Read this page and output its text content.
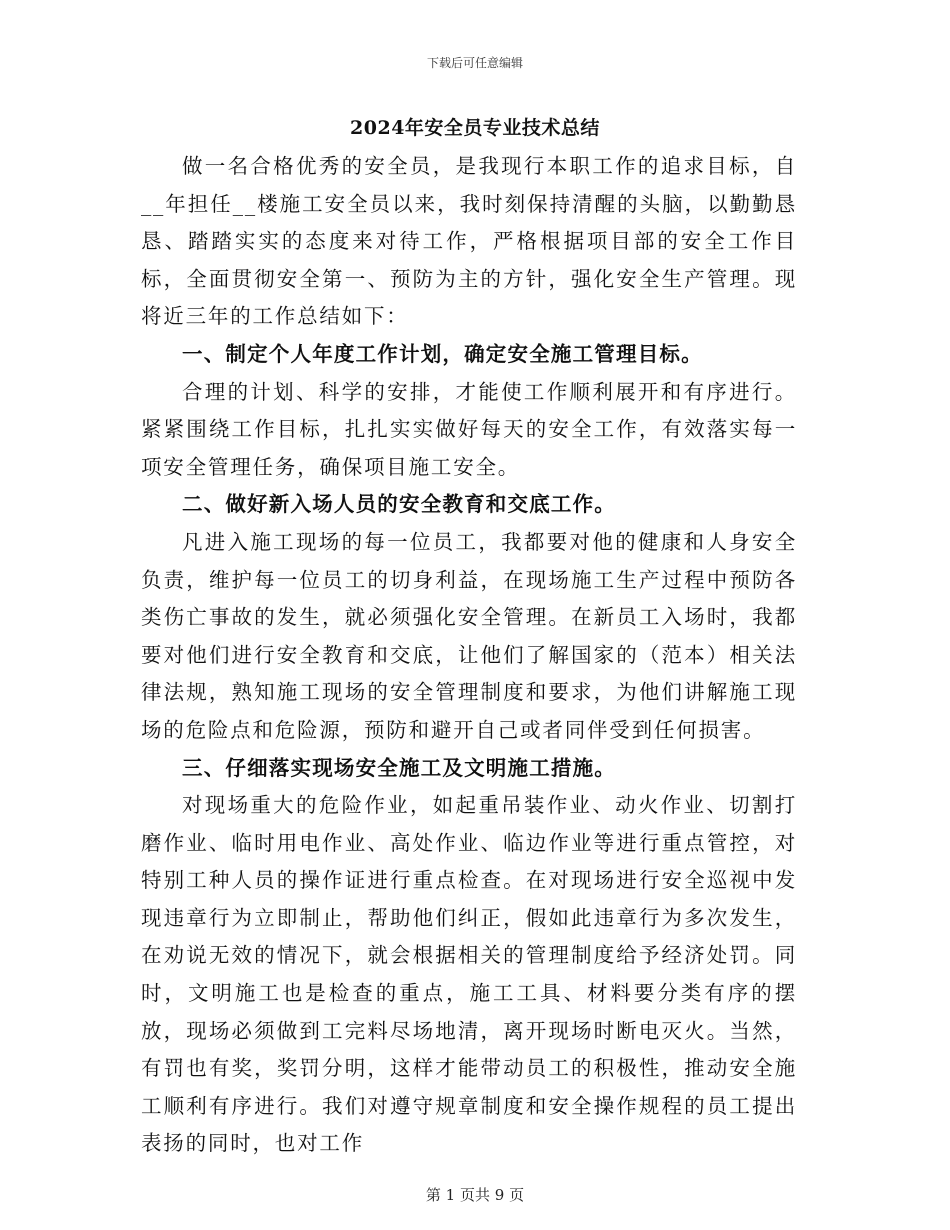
下载后可任意编辑
2024年安全员专业技术总结

做一名合格优秀的安全员，是我现行本职工作的追求目标，自__年担任__楼施工安全员以来，我时刻保持清醒的头脑，以勤勤恳恳、踏踏实实的态度来对待工作，严格根据项目部的安全工作目标，全面贯彻安全第一、预防为主的方针，强化安全生产管理。现将近三年的工作总结如下：

一、制定个人年度工作计划，确定安全施工管理目标。

合理的计划、科学的安排，才能使工作顺利展开和有序进行。紧紧围绕工作目标，扎扎实实做好每天的安全工作，有效落实每一项安全管理任务，确保项目施工安全。

二、做好新入场人员的安全教育和交底工作。

凡进入施工现场的每一位员工，我都要对他的健康和人身安全负责，维护每一位员工的切身利益，在现场施工生产过程中预防各类伤亡事故的发生，就必须强化安全管理。在新员工入场时，我都要对他们进行安全教育和交底，让他们了解国家的（范本）相关法律法规，熟知施工现场的安全管理制度和要求，为他们讲解施工现场的危险点和危险源，预防和避开自己或者同伴受到任何损害。

三、仔细落实现场安全施工及文明施工措施。

对现场重大的危险作业，如起重吊装作业、动火作业、切割打磨作业、临时用电作业、高处作业、临边作业等进行重点管控，对特别工种人员的操作证进行重点检查。在对现场进行安全巡视中发现违章行为立即制止，帮助他们纠正，假如此违章行为多次发生，在劝说无效的情况下，就会根据相关的管理制度给予经济处罚。同时，文明施工也是检查的重点，施工工具、材料要分类有序的摆放，现场必须做到工完料尽场地清，离开现场时断电灭火。当然，有罚也有奖，奖罚分明，这样才能带动员工的积极性，推动安全施工顺利有序进行。我们对遵守规章制度和安全操作规程的员工提出表扬的同时，也对工作

第 1 页共 9 页
